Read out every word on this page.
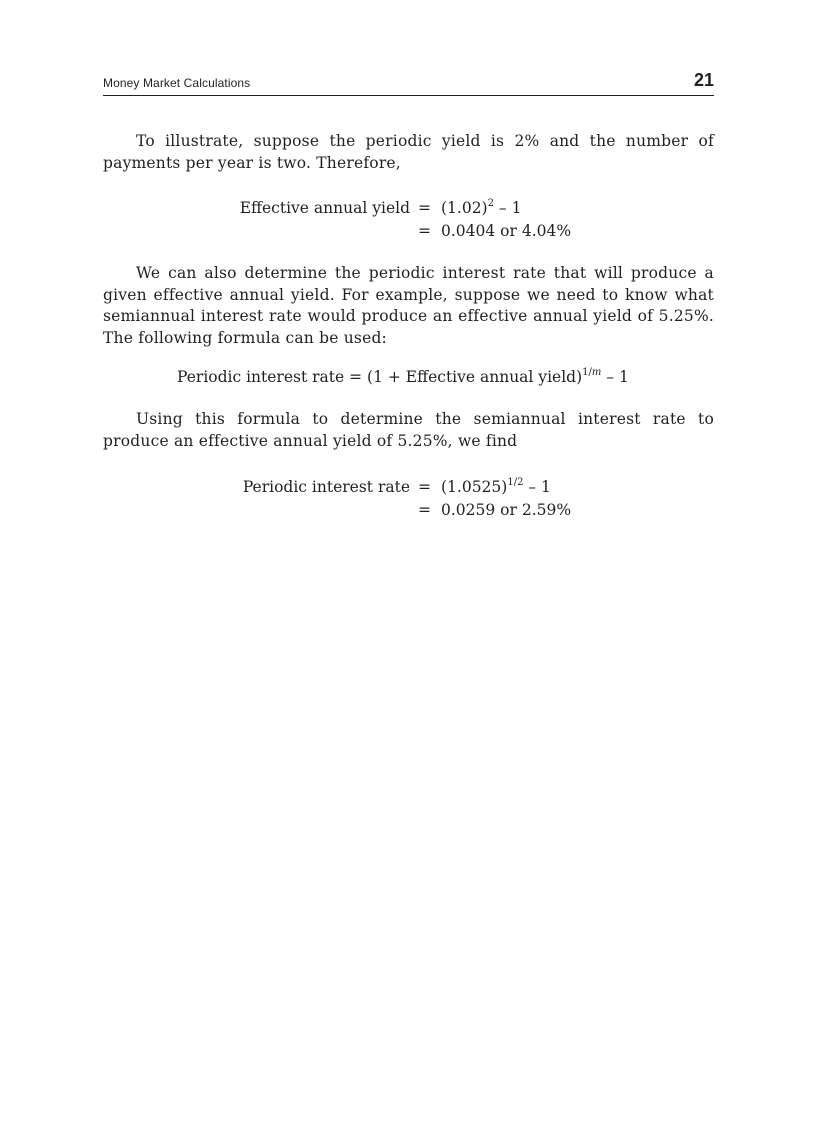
Money Market Calculations	21
To illustrate, suppose the periodic yield is 2% and the number of payments per year is two. Therefore,
Effective annual yield = $(1.02)^2 - 1$
= 0.0404 or 4.04%
We can also determine the periodic interest rate that will produce a given effective annual yield. For example, suppose we need to know what semiannual interest rate would produce an effective annual yield of 5.25%. The following formula can be used:
Periodic interest rate = (1 + Effective annual yield)$^{1/m}$ – 1
Using this formula to determine the semiannual interest rate to produce an effective annual yield of 5.25%, we find
Periodic interest rate = $(1.0525)^{1/2} - 1$
= 0.0259 or 2.59%
